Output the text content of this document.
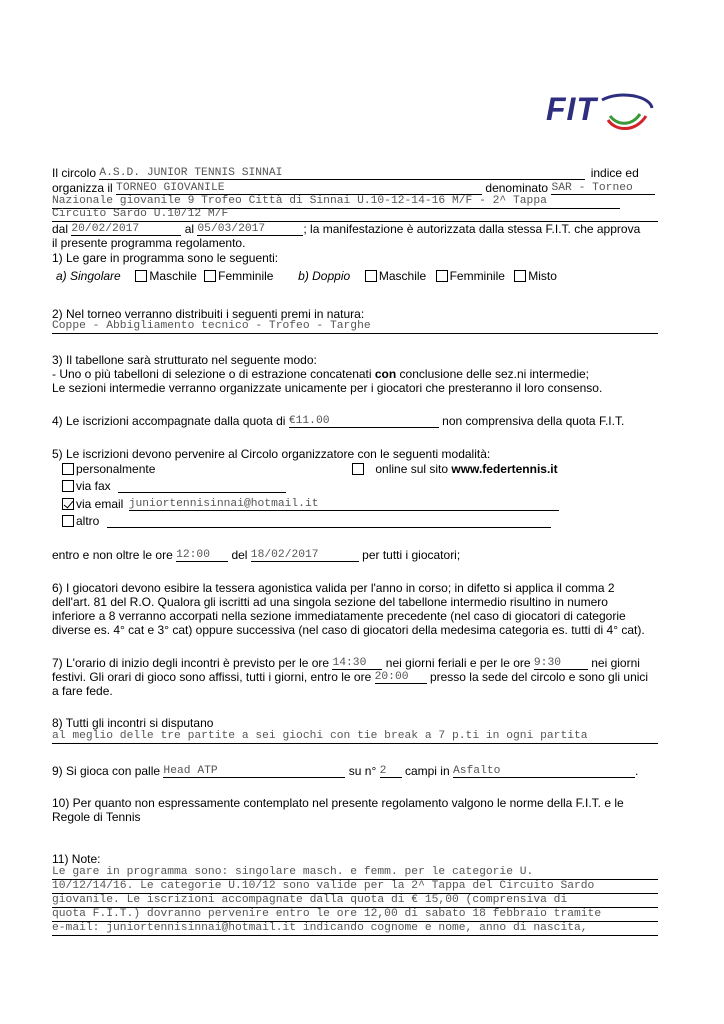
FIT
Il circolo A.S.D. JUNIOR TENNIS SINNAI	indice ed
organizza il TORNEO GIOVANILE	denominato SAR - Torneo
Nazionale giovanile 9 Trofeo Città di Sinnai U.10-12-14-16 M/F - 2^ Tappa
Circuito Sardo U.10/12 M/F
dal 20/02/2017	al 05/03/2017	; la manifestazione è autorizzata dalla stessa F.I.T. che approva
il presente programma regolamento.
1) Le gare in programma sono le seguenti:
a) Singolare Maschile Femminile b) Doppio Maschile Femminile Misto
2) Nel torneo verranno distribuiti i seguenti premi in natura:
Coppe - Abbigliamento tecnico - Trofeo - Targhe
3) Il tabellone sarà strutturato nel seguente modo:
- Uno o più tabelloni di selezione o di estrazione concatenati con conclusione delle sez.ni intermedie;
Le sezioni intermedie verranno organizzate unicamente per i giocatori che presteranno il loro consenso.
4) Le iscrizioni accompagnate dalla quota di €11.00	non comprensiva della quota F.I.T.
5) Le iscrizioni devono pervenire al Circolo organizzatore con le seguenti modalità:
personalmente	online sul sito www.federtennis.it
via fax
via email juniortennisinnai@hotmail.it
altro
entro e non oltre le ore 12:00 del 18/02/2017	per tutti i giocatori;
6) I giocatori devono esibire la tessera agonistica valida per l'anno in corso; in difetto si applica il comma 2
dell'art. 81 del R.O. Qualora gli iscritti ad una singola sezione del tabellone intermedio risultino in numero
inferiore a 8 verranno accorpati nella sezione immediatamente precedente (nel caso di giocatori di categorie
diverse es. 4° cat e 3° cat) oppure successiva (nel caso di giocatori della medesima categoria es. tutti di 4° cat).
7) L'orario di inizio degli incontri è previsto per le ore 14:30 nei giorni feriali e per le ore 9:30	nei giorni
festivi. Gli orari di gioco sono affissi, tutti i giorni, entro le ore 20:00 presso la sede del circolo e sono gli unici
a fare fede.
8) Tutti gli incontri si disputano
al meglio delle tre partite a sei giochi con tie break a 7 p.ti in ogni partita
9) Si gioca con palle Head ATP	su n° 2 campi in Asfalto	.
10) Per quanto non espressamente contemplato nel presente regolamento valgono le norme della F.I.T. e le
Regole di Tennis
11) Note:
Le gare in programma sono: singolare masch. e femm. per le categorie U.
10/12/14/16. Le categorie U.10/12 sono valide per la 2^ Tappa del Circuito Sardo
giovanile. Le iscrizioni accompagnate dalla quota di € 15,00 (comprensiva di
quota F.I.T.) dovranno pervenire entro le ore 12,00 di sabato 18 febbraio tramite
e-mail: juniortennisinnai@hotmail.it indicando cognome e nome, anno di nascita,
